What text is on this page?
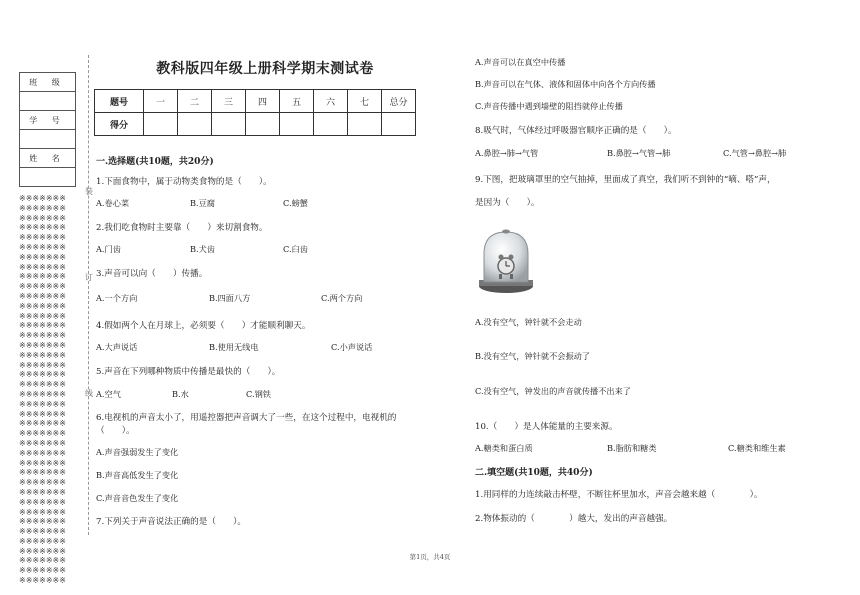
班 级

学 号

姓 名

※※※※※※※
※※※※※※※
※※※※※※※
※※※※※※※
※※※※※※※
※※※※※※※
※※※※※※※
※※※※※※※
※※※※※※※
※※※※※※※
※※※※※※※
※※※※※※※
※※※※※※※
※※※※※※※
※※※※※※※
※※※※※※※
※※※※※※※
※※※※※※※
※※※※※※※
※※※※※※※
※※※※※※※
※※※※※※※
※※※※※※※
※※※※※※※
※※※※※※※
※※※※※※※
※※※※※※※
※※※※※※※
※※※※※※※
※※※※※※※
※※※※※※※
※※※※※※※
※※※※※※※
※※※※※※※
※※※※※※※
※※※※※※※
※※※※※※※
※※※※※※※
※※※※※※※
※※※※※※※
装
订
线
教科版四年级上册科学期末测试卷
题号	一	二	三	四	五	六	七	总分
得分								
一.选择题(共10题，共20分)
1.下面食物中，属于动物类食物的是（　　）。
A.卷心菜	B.豆腐	C.螃蟹
2.我们吃食物时主要靠（　　）来切割食物。
A.门齿	B.犬齿	C.臼齿
3.声音可以向（　　）传播。
A.一个方向	B.四面八方	C.两个方向
4.假如两个人在月球上，必须要（　　）才能顺利聊天。
A.大声说话	B.使用无线电	C.小声说话
5.声音在下列哪种物质中传播是最快的（　　）。
A.空气	B.水	C.钢铁
6.电视机的声音太小了，用遥控器把声音调大了一些，在这个过程中，电视机的
（　　）。
A.声音强弱发生了变化
B.声音高低发生了变化
C.声音音色发生了变化
7.下列关于声音说法正确的是（　　）。
A.声音可以在真空中传播
B.声音可以在气体、液体和固体中向各个方向传播
C.声音传播中遇到墙壁的阻挡就停止传播
8.吸气时，气体经过呼吸器官顺序正确的是（　　）。
A.鼻腔→肺→气管	B.鼻腔→气管→肺	C.气管→鼻腔→肺
9.下图，把玻璃罩里的空气抽掉，里面成了真空，我们听不到钟的“嘀、嗒”声，
是因为（　　）。
A.没有空气，钟针就不会走动
B.没有空气，钟针就不会振动了
C.没有空气，钟发出的声音就传播不出来了
10.（　　）是人体能量的主要来源。
A.糖类和蛋白质	B.脂肪和糖类	C.糖类和维生素
二.填空题(共10题，共40分)
1.用同样的力连续敲击杯壁，不断往杯里加水，声音会越来越（　　　　）。
2.物体振动的（　　　　）越大，发出的声音越强。
第1页，共4页
